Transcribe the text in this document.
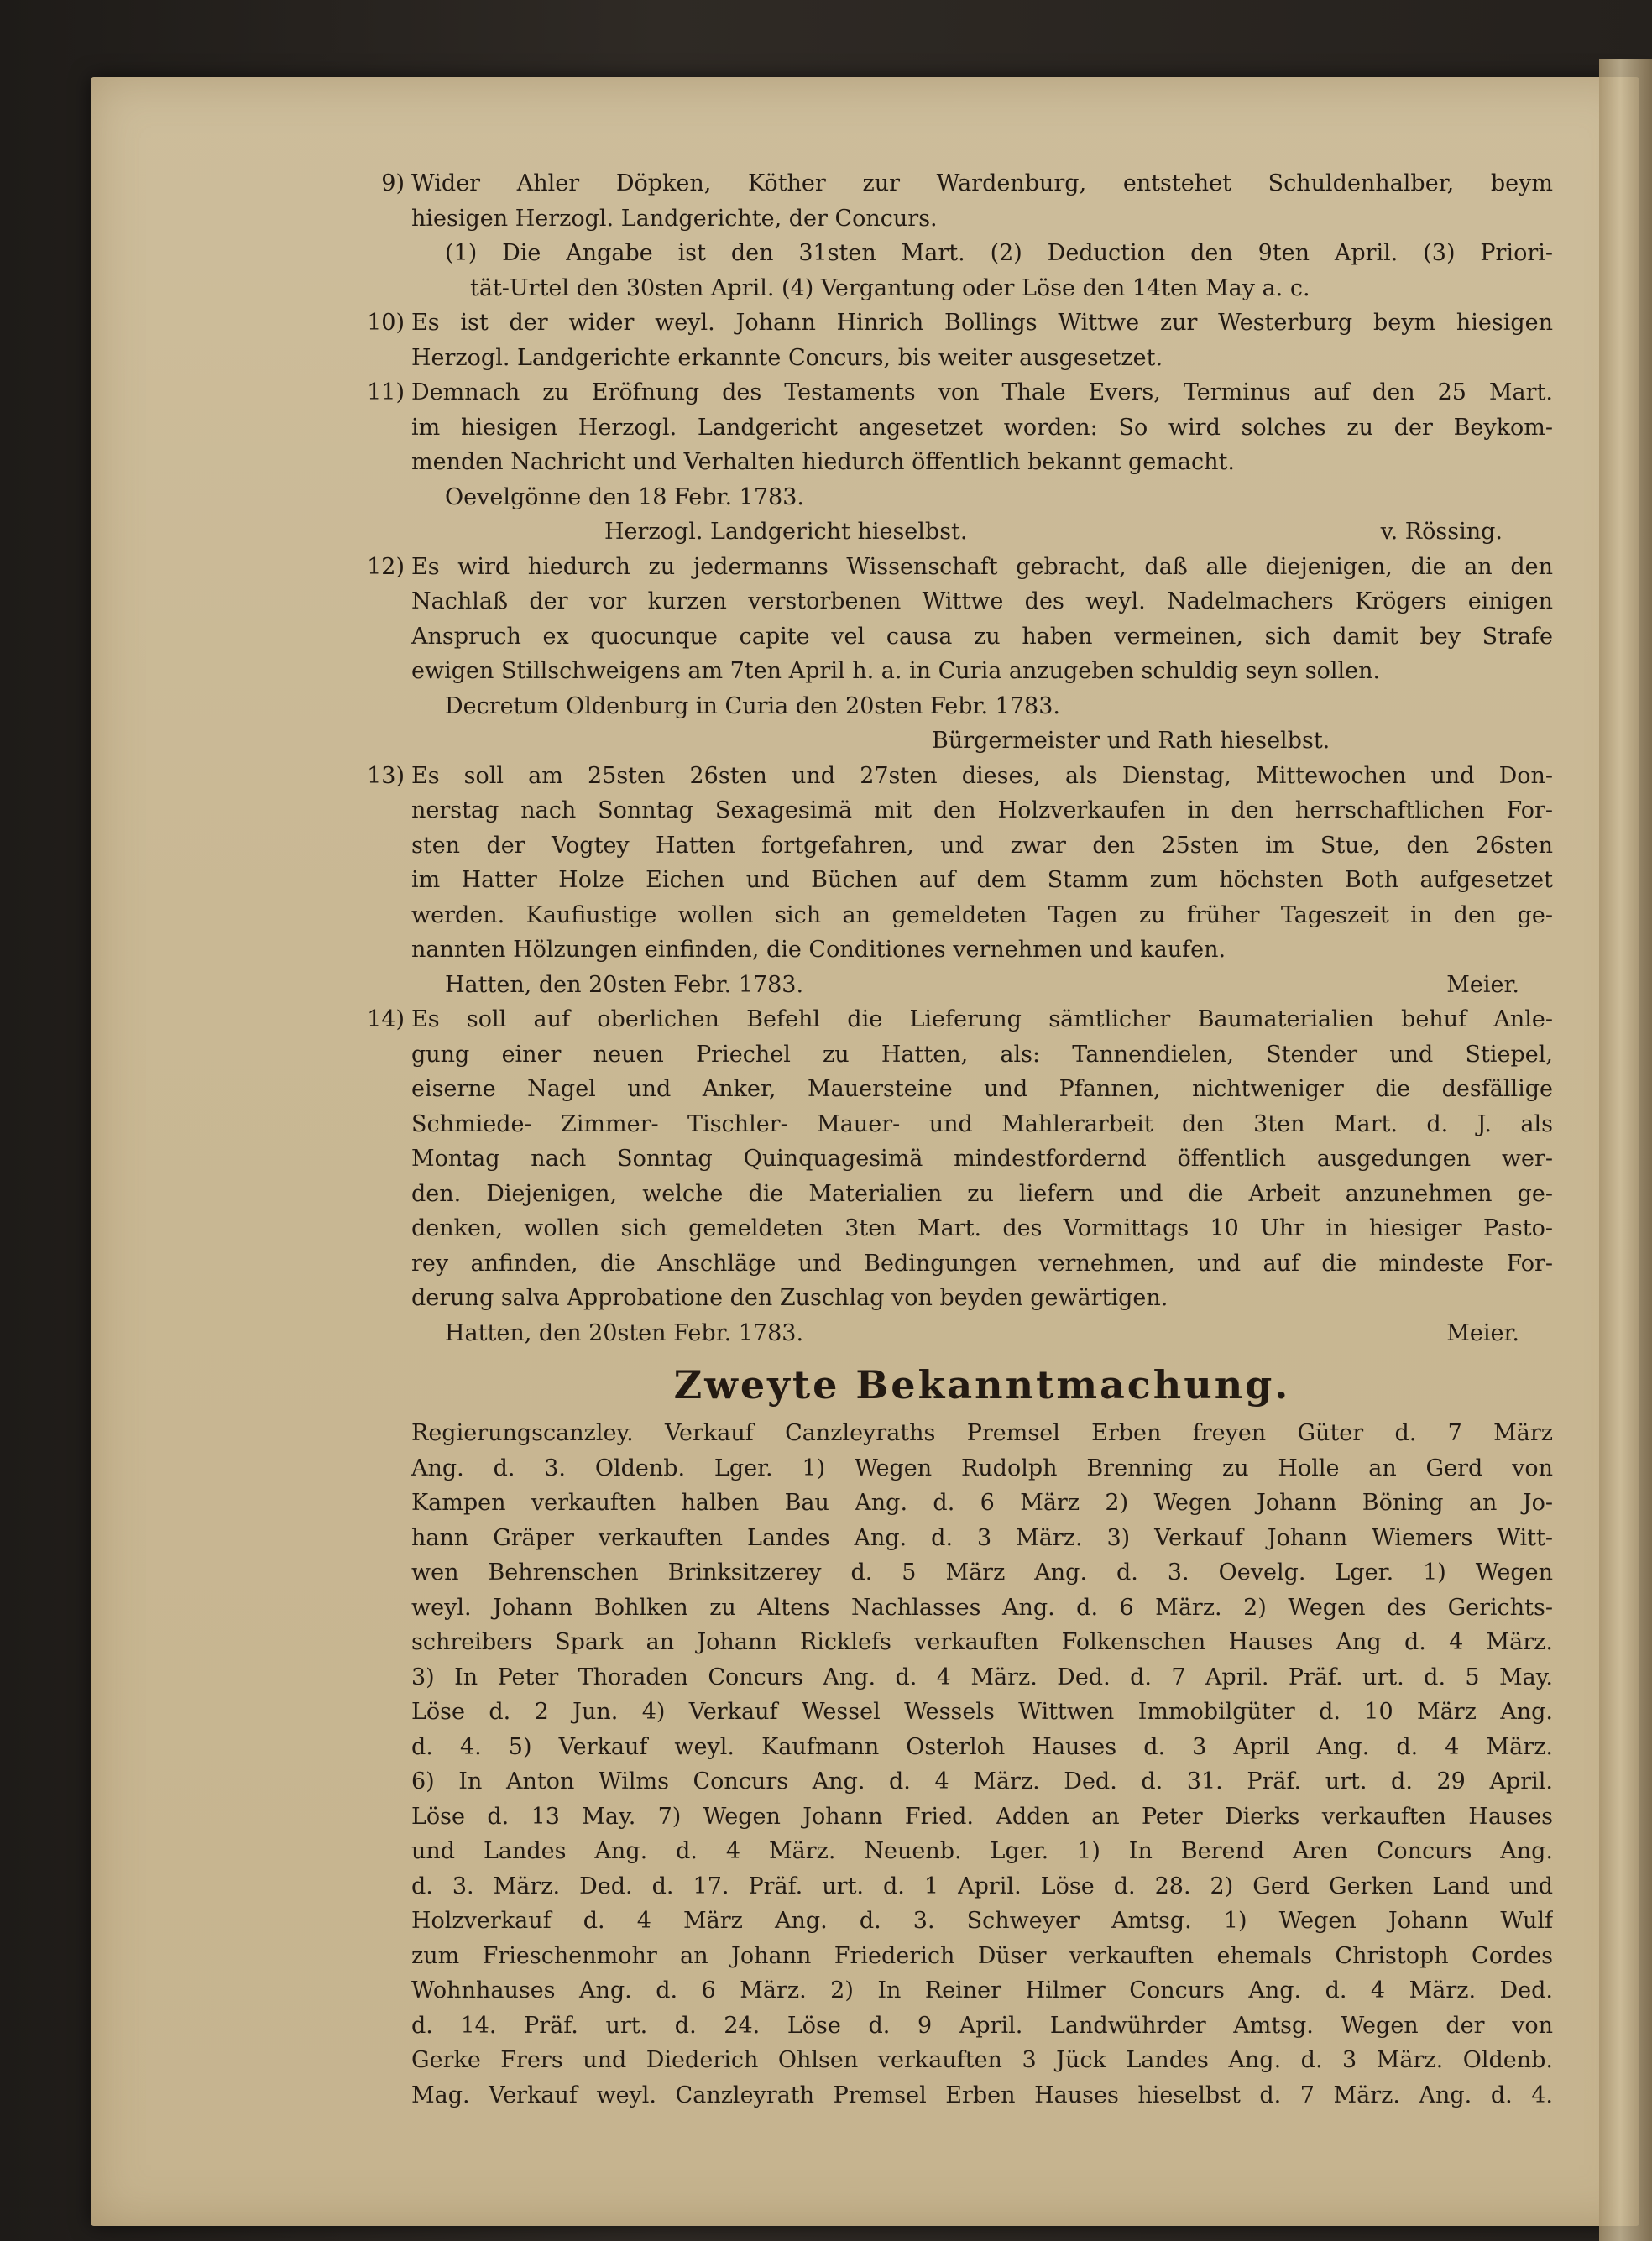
9) Wider Ahler Döpken, Köther zur Wardenburg, entstehet Schuldenhalber, beym
hiesigen Herzogl. Landgerichte, der Concurs.
(1) Die Angabe ist den 31sten Mart. (2) Deduction den 9ten April. (3) Priori-
tät-Urtel den 30sten April. (4) Vergantung oder Löse den 14ten May a. c.
10) Es ist der wider weyl. Johann Hinrich Bollings Wittwe zur Westerburg beym hiesigen
Herzogl. Landgerichte erkannte Concurs, bis weiter ausgesetzet.
11) Demnach zu Eröfnung des Testaments von Thale Evers, Terminus auf den 25 Mart.
im hiesigen Herzogl. Landgericht angesetzet worden: So wird solches zu der Beykom-
menden Nachricht und Verhalten hiedurch öffentlich bekannt gemacht.
Oevelgönne den 18 Febr. 1783.
Herzogl. Landgericht hieselbst.	v. Rössing.
12) Es wird hiedurch zu jedermanns Wissenschaft gebracht, daß alle diejenigen, die an den
Nachlaß der vor kurzen verstorbenen Wittwe des weyl. Nadelmachers Krögers einigen
Anspruch ex quocunque capite vel causa zu haben vermeinen, sich damit bey Strafe
ewigen Stillschweigens am 7ten April h. a. in Curia anzugeben schuldig seyn sollen.
Decretum Oldenburg in Curia den 20sten Febr. 1783.
Bürgermeister und Rath hieselbst.
13) Es soll am 25sten 26sten und 27sten dieses, als Dienstag, Mittewochen und Don-
nerstag nach Sonntag Sexagesimä mit den Holzverkaufen in den herrschaftlichen For-
sten der Vogtey Hatten fortgefahren, und zwar den 25sten im Stue, den 26sten
im Hatter Holze Eichen und Büchen auf dem Stamm zum höchsten Both aufgesetzet
werden. Kaufiustige wollen sich an gemeldeten Tagen zu früher Tageszeit in den ge-
nannten Hölzungen einfinden, die Conditiones vernehmen und kaufen.
Hatten, den 20sten Febr. 1783.	Meier.
14) Es soll auf oberlichen Befehl die Lieferung sämtlicher Baumaterialien behuf Anle-
gung einer neuen Priechel zu Hatten, als: Tannendielen, Stender und Stiepel,
eiserne Nagel und Anker, Mauersteine und Pfannen, nichtweniger die desfällige
Schmiede- Zimmer- Tischler- Mauer- und Mahlerarbeit den 3ten Mart. d. J. als
Montag nach Sonntag Quinquagesimä mindestfordernd öffentlich ausgedungen wer-
den. Diejenigen, welche die Materialien zu liefern und die Arbeit anzunehmen ge-
denken, wollen sich gemeldeten 3ten Mart. des Vormittags 10 Uhr in hiesiger Pasto-
rey anfinden, die Anschläge und Bedingungen vernehmen, und auf die mindeste For-
derung salva Approbatione den Zuschlag von beyden gewärtigen.
Hatten, den 20sten Febr. 1783.	Meier.
Zweyte Bekanntmachung.
Regierungscanzley. Verkauf Canzleyraths Premsel Erben freyen Güter d. 7 März
Ang. d. 3. Oldenb. Lger. 1) Wegen Rudolph Brenning zu Holle an Gerd von
Kampen verkauften halben Bau Ang. d. 6 März 2) Wegen Johann Böning an Jo-
hann Gräper verkauften Landes Ang. d. 3 März. 3) Verkauf Johann Wiemers Witt-
wen Behrenschen Brinksitzerey d. 5 März Ang. d. 3. Oevelg. Lger. 1) Wegen
weyl. Johann Bohlken zu Altens Nachlasses Ang. d. 6 März. 2) Wegen des Gerichts-
schreibers Spark an Johann Ricklefs verkauften Folkenschen Hauses Ang d. 4 März.
3) In Peter Thoraden Concurs Ang. d. 4 März. Ded. d. 7 April. Präf. urt. d. 5 May.
Löse d. 2 Jun. 4) Verkauf Wessel Wessels Wittwen Immobilgüter d. 10 März Ang.
d. 4. 5) Verkauf weyl. Kaufmann Osterloh Hauses d. 3 April Ang. d. 4 März.
6) In Anton Wilms Concurs Ang. d. 4 März. Ded. d. 31. Präf. urt. d. 29 April.
Löse d. 13 May. 7) Wegen Johann Fried. Adden an Peter Dierks verkauften Hauses
und Landes Ang. d. 4 März. Neuenb. Lger. 1) In Berend Aren Concurs Ang.
d. 3. März. Ded. d. 17. Präf. urt. d. 1 April. Löse d. 28. 2) Gerd Gerken Land und
Holzverkauf d. 4 März Ang. d. 3. Schweyer Amtsg. 1) Wegen Johann Wulf
zum Frieschenmohr an Johann Friederich Düser verkauften ehemals Christoph Cordes
Wohnhauses Ang. d. 6 März. 2) In Reiner Hilmer Concurs Ang. d. 4 März. Ded.
d. 14. Präf. urt. d. 24. Löse d. 9 April. Landwührder Amtsg. Wegen der von
Gerke Frers und Diederich Ohlsen verkauften 3 Jück Landes Ang. d. 3 März. Oldenb.
Mag. Verkauf weyl. Canzleyrath Premsel Erben Hauses hieselbst d. 7 März. Ang. d. 4.
